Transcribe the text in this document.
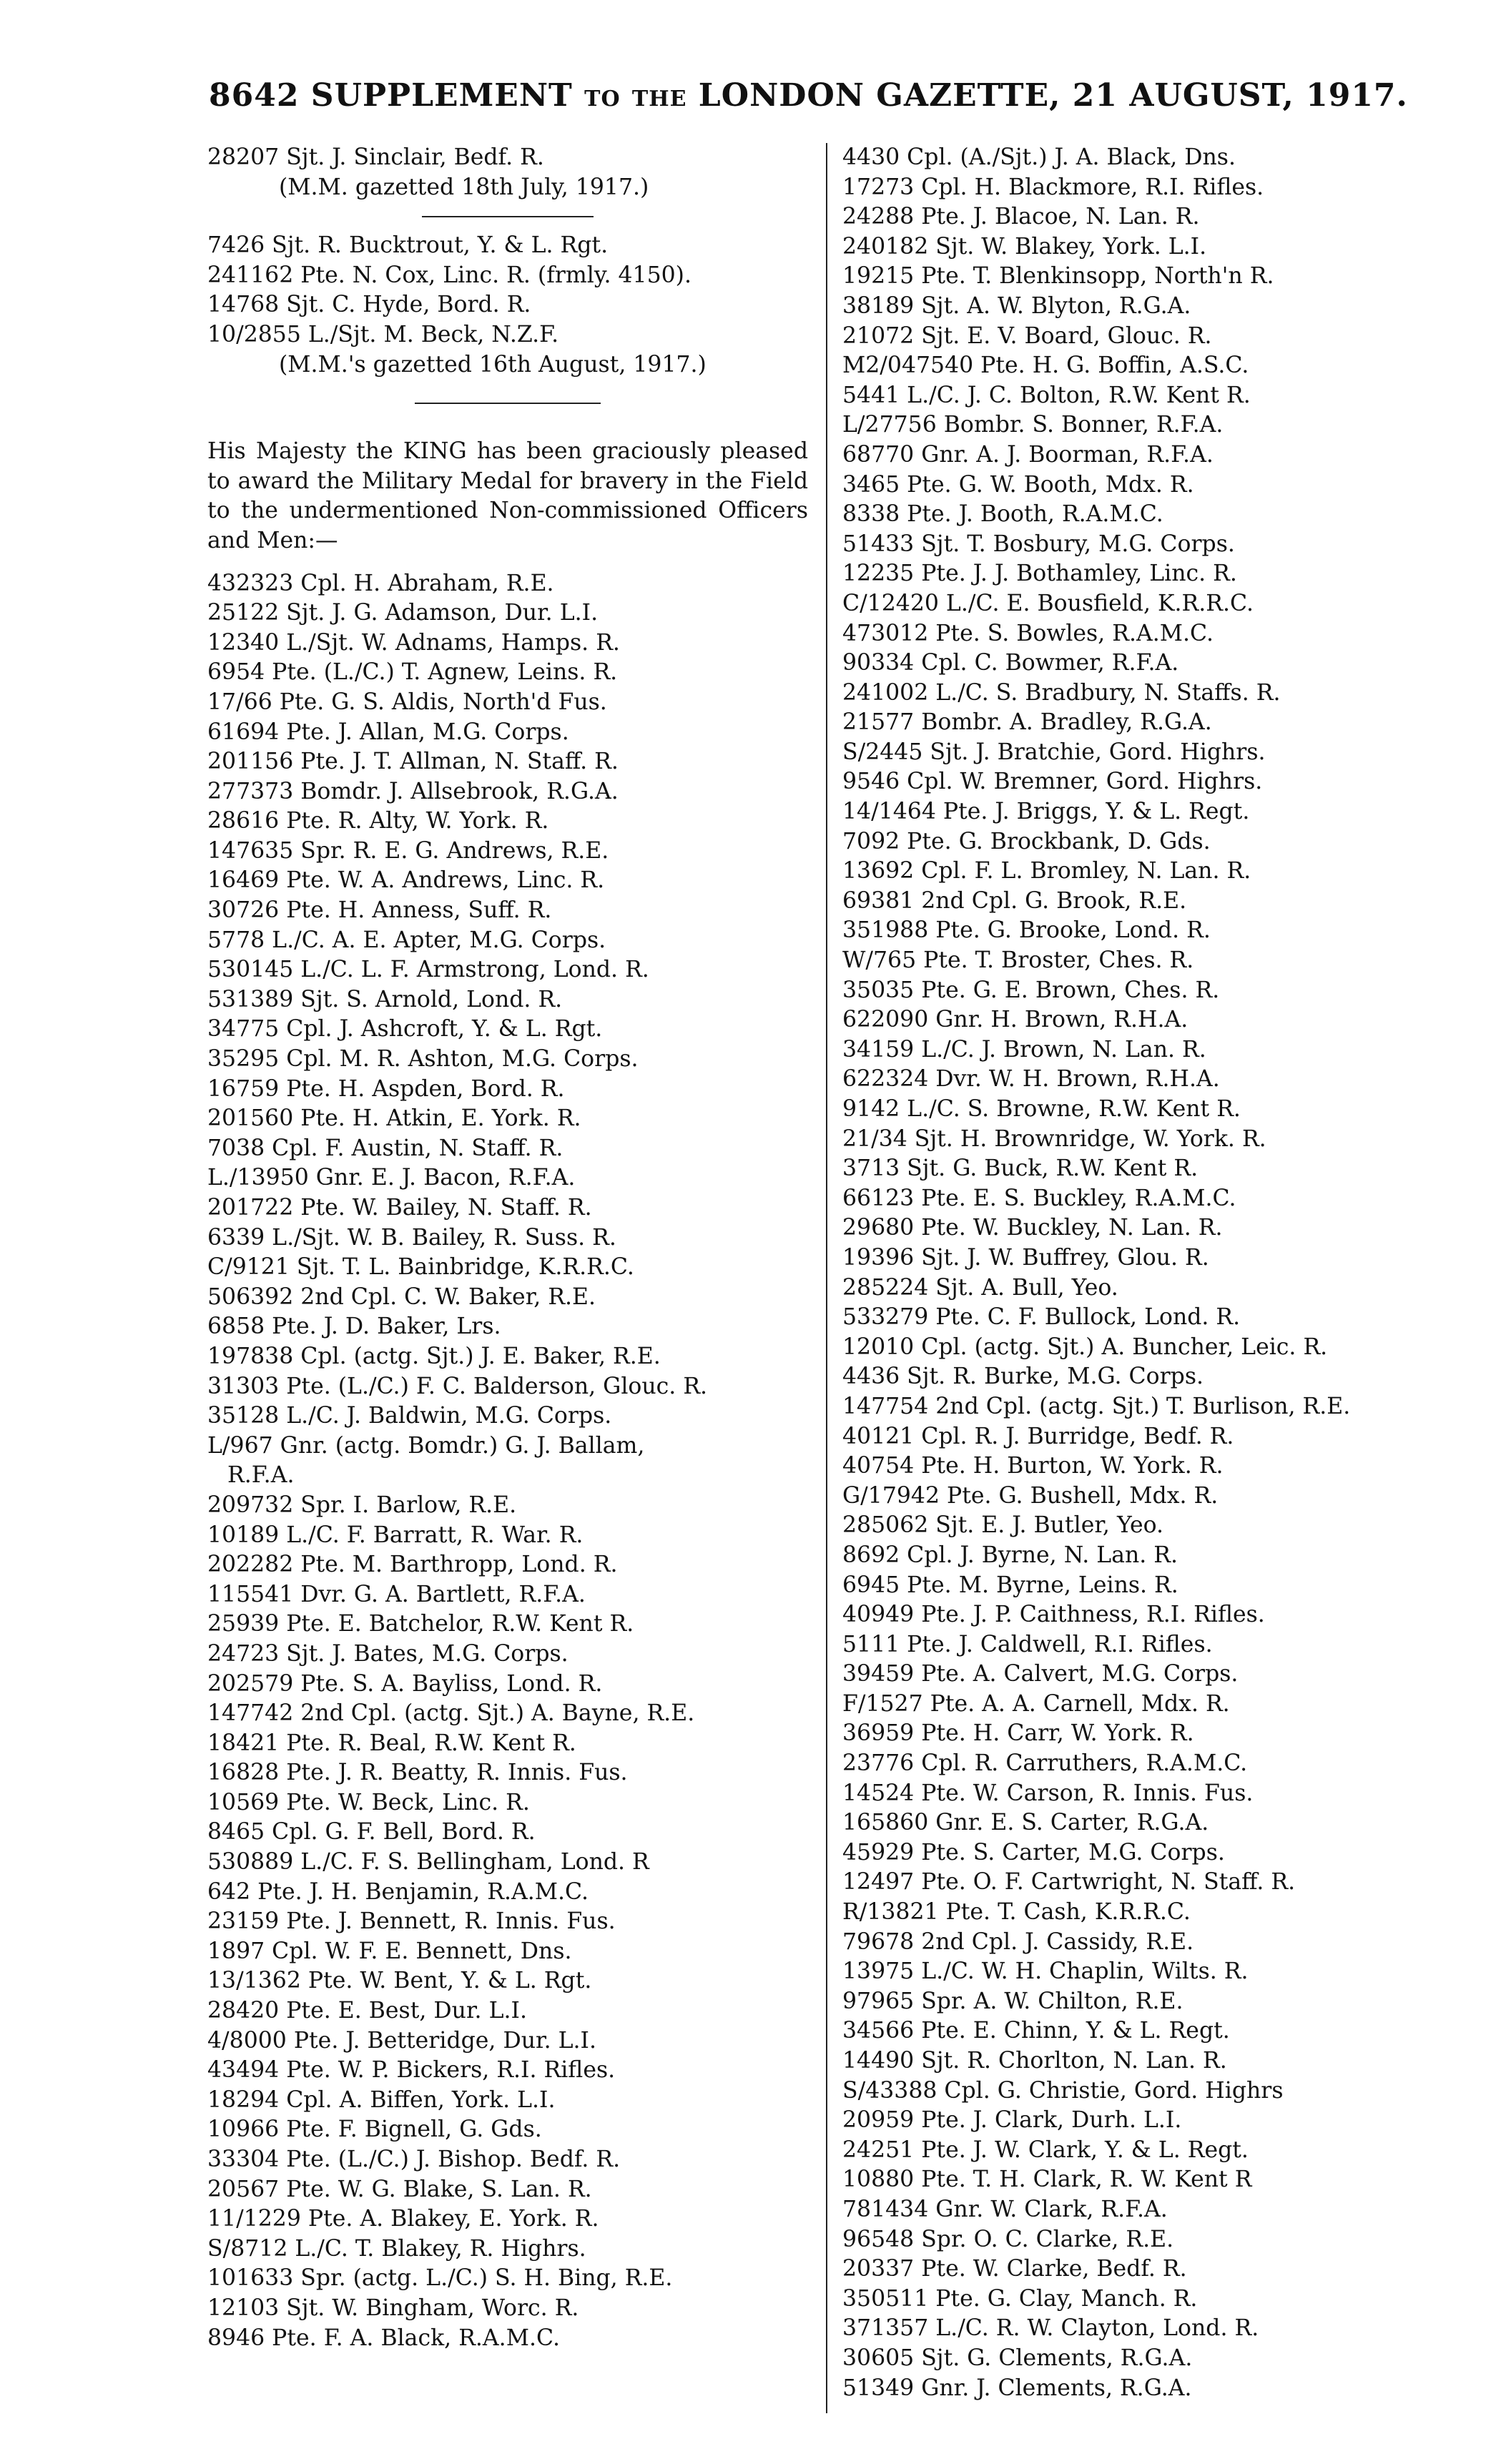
8642 SUPPLEMENT TO THE LONDON GAZETTE, 21 AUGUST, 1917.
28207 Sjt. J. Sinclair, Bedf. R.
(M.M. gazetted 18th July, 1917.)
7426 Sjt. R. Bucktrout, Y. & L. Rgt.
241162 Pte. N. Cox, Linc. R. (frmly. 4150).
14768 Sjt. C. Hyde, Bord. R.
10/2855 L./Sjt. M. Beck, N.Z.F.
(M.M.'s gazetted 16th August, 1917.)
His Majesty the KING has been graciously pleased to award the Military Medal for bravery in the Field to the undermentioned Non-commissioned Officers and Men:—
432323 Cpl. H. Abraham, R.E.
25122 Sjt. J. G. Adamson, Dur. L.I.
12340 L./Sjt. W. Adnams, Hamps. R.
6954 Pte. (L./C.) T. Agnew, Leins. R.
17/66 Pte. G. S. Aldis, North'd Fus.
61694 Pte. J. Allan, M.G. Corps.
201156 Pte. J. T. Allman, N. Staff. R.
277373 Bomdr. J. Allsebrook, R.G.A.
28616 Pte. R. Alty, W. York. R.
147635 Spr. R. E. G. Andrews, R.E.
16469 Pte. W. A. Andrews, Linc. R.
30726 Pte. H. Anness, Suff. R.
5778 L./C. A. E. Apter, M.G. Corps.
530145 L./C. L. F. Armstrong, Lond. R.
531389 Sjt. S. Arnold, Lond. R.
34775 Cpl. J. Ashcroft, Y. & L. Rgt.
35295 Cpl. M. R. Ashton, M.G. Corps.
16759 Pte. H. Aspden, Bord. R.
201560 Pte. H. Atkin, E. York. R.
7038 Cpl. F. Austin, N. Staff. R.
L./13950 Gnr. E. J. Bacon, R.F.A.
201722 Pte. W. Bailey, N. Staff. R.
6339 L./Sjt. W. B. Bailey, R. Suss. R.
C/9121 Sjt. T. L. Bainbridge, K.R.R.C.
506392 2nd Cpl. C. W. Baker, R.E.
6858 Pte. J. D. Baker, Lrs.
197838 Cpl. (actg. Sjt.) J. E. Baker, R.E.
31303 Pte. (L./C.) F. C. Balderson, Glouc. R.
35128 L./C. J. Baldwin, M.G. Corps.
L/967 Gnr. (actg. Bomdr.) G. J. Ballam,
R.F.A.
209732 Spr. I. Barlow, R.E.
10189 L./C. F. Barratt, R. War. R.
202282 Pte. M. Barthropp, Lond. R.
115541 Dvr. G. A. Bartlett, R.F.A.
25939 Pte. E. Batchelor, R.W. Kent R.
24723 Sjt. J. Bates, M.G. Corps.
202579 Pte. S. A. Bayliss, Lond. R.
147742 2nd Cpl. (actg. Sjt.) A. Bayne, R.E.
18421 Pte. R. Beal, R.W. Kent R.
16828 Pte. J. R. Beatty, R. Innis. Fus.
10569 Pte. W. Beck, Linc. R.
8465 Cpl. G. F. Bell, Bord. R.
530889 L./C. F. S. Bellingham, Lond. R
642 Pte. J. H. Benjamin, R.A.M.C.
23159 Pte. J. Bennett, R. Innis. Fus.
1897 Cpl. W. F. E. Bennett, Dns.
13/1362 Pte. W. Bent, Y. & L. Rgt.
28420 Pte. E. Best, Dur. L.I.
4/8000 Pte. J. Betteridge, Dur. L.I.
43494 Pte. W. P. Bickers, R.I. Rifles.
18294 Cpl. A. Biffen, York. L.I.
10966 Pte. F. Bignell, G. Gds.
33304 Pte. (L./C.) J. Bishop. Bedf. R.
20567 Pte. W. G. Blake, S. Lan. R.
11/1229 Pte. A. Blakey, E. York. R.
S/8712 L./C. T. Blakey, R. Highrs.
101633 Spr. (actg. L./C.) S. H. Bing, R.E.
12103 Sjt. W. Bingham, Worc. R.
8946 Pte. F. A. Black, R.A.M.C.
4430 Cpl. (A./Sjt.) J. A. Black, Dns.
17273 Cpl. H. Blackmore, R.I. Rifles.
24288 Pte. J. Blacoe, N. Lan. R.
240182 Sjt. W. Blakey, York. L.I.
19215 Pte. T. Blenkinsopp, North'n R.
38189 Sjt. A. W. Blyton, R.G.A.
21072 Sjt. E. V. Board, Glouc. R.
M2/047540 Pte. H. G. Boffin, A.S.C.
5441 L./C. J. C. Bolton, R.W. Kent R.
L/27756 Bombr. S. Bonner, R.F.A.
68770 Gnr. A. J. Boorman, R.F.A.
3465 Pte. G. W. Booth, Mdx. R.
8338 Pte. J. Booth, R.A.M.C.
51433 Sjt. T. Bosbury, M.G. Corps.
12235 Pte. J. J. Bothamley, Linc. R.
C/12420 L./C. E. Bousfield, K.R.R.C.
473012 Pte. S. Bowles, R.A.M.C.
90334 Cpl. C. Bowmer, R.F.A.
241002 L./C. S. Bradbury, N. Staffs. R.
21577 Bombr. A. Bradley, R.G.A.
S/2445 Sjt. J. Bratchie, Gord. Highrs.
9546 Cpl. W. Bremner, Gord. Highrs.
14/1464 Pte. J. Briggs, Y. & L. Regt.
7092 Pte. G. Brockbank, D. Gds.
13692 Cpl. F. L. Bromley, N. Lan. R.
69381 2nd Cpl. G. Brook, R.E.
351988 Pte. G. Brooke, Lond. R.
W/765 Pte. T. Broster, Ches. R.
35035 Pte. G. E. Brown, Ches. R.
622090 Gnr. H. Brown, R.H.A.
34159 L./C. J. Brown, N. Lan. R.
622324 Dvr. W. H. Brown, R.H.A.
9142 L./C. S. Browne, R.W. Kent R.
21/34 Sjt. H. Brownridge, W. York. R.
3713 Sjt. G. Buck, R.W. Kent R.
66123 Pte. E. S. Buckley, R.A.M.C.
29680 Pte. W. Buckley, N. Lan. R.
19396 Sjt. J. W. Buffrey, Glou. R.
285224 Sjt. A. Bull, Yeo.
533279 Pte. C. F. Bullock, Lond. R.
12010 Cpl. (actg. Sjt.) A. Buncher, Leic. R.
4436 Sjt. R. Burke, M.G. Corps.
147754 2nd Cpl. (actg. Sjt.) T. Burlison, R.E.
40121 Cpl. R. J. Burridge, Bedf. R.
40754 Pte. H. Burton, W. York. R.
G/17942 Pte. G. Bushell, Mdx. R.
285062 Sjt. E. J. Butler, Yeo.
8692 Cpl. J. Byrne, N. Lan. R.
6945 Pte. M. Byrne, Leins. R.
40949 Pte. J. P. Caithness, R.I. Rifles.
5111 Pte. J. Caldwell, R.I. Rifles.
39459 Pte. A. Calvert, M.G. Corps.
F/1527 Pte. A. A. Carnell, Mdx. R.
36959 Pte. H. Carr, W. York. R.
23776 Cpl. R. Carruthers, R.A.M.C.
14524 Pte. W. Carson, R. Innis. Fus.
165860 Gnr. E. S. Carter, R.G.A.
45929 Pte. S. Carter, M.G. Corps.
12497 Pte. O. F. Cartwright, N. Staff. R.
R/13821 Pte. T. Cash, K.R.R.C.
79678 2nd Cpl. J. Cassidy, R.E.
13975 L./C. W. H. Chaplin, Wilts. R.
97965 Spr. A. W. Chilton, R.E.
34566 Pte. E. Chinn, Y. & L. Regt.
14490 Sjt. R. Chorlton, N. Lan. R.
S/43388 Cpl. G. Christie, Gord. Highrs
20959 Pte. J. Clark, Durh. L.I.
24251 Pte. J. W. Clark, Y. & L. Regt.
10880 Pte. T. H. Clark, R. W. Kent R
781434 Gnr. W. Clark, R.F.A.
96548 Spr. O. C. Clarke, R.E.
20337 Pte. W. Clarke, Bedf. R.
350511 Pte. G. Clay, Manch. R.
371357 L./C. R. W. Clayton, Lond. R.
30605 Sjt. G. Clements, R.G.A.
51349 Gnr. J. Clements, R.G.A.
